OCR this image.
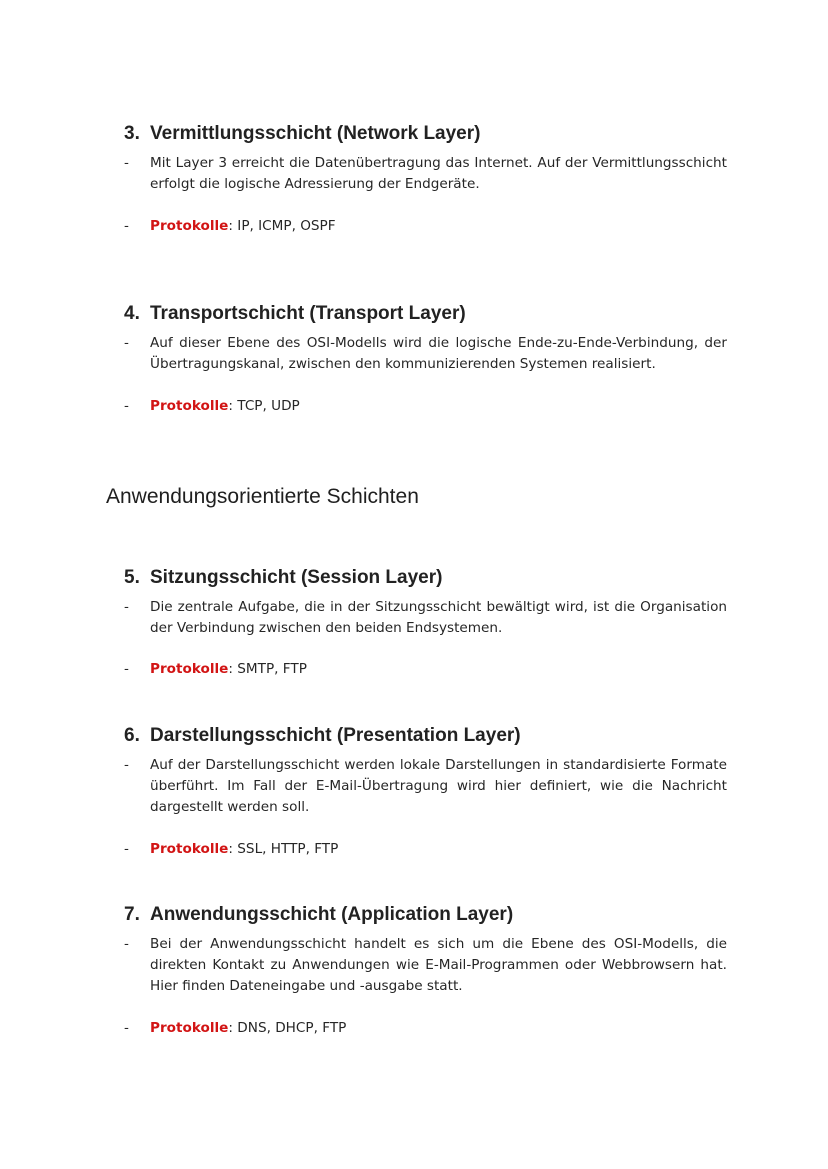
3. Vermittlungsschicht (Network Layer)
- Mit Layer 3 erreicht die Datenübertragung das Internet. Auf der Vermittlungsschicht erfolgt die logische Adressierung der Endgeräte.
- Protokolle: IP, ICMP, OSPF
4. Transportschicht (Transport Layer)
- Auf dieser Ebene des OSI-Modells wird die logische Ende-zu-Ende-Verbindung, der Übertragungskanal, zwischen den kommunizierenden Systemen realisiert.
- Protokolle: TCP, UDP
Anwendungsorientierte Schichten
5. Sitzungsschicht (Session Layer)
- Die zentrale Aufgabe, die in der Sitzungsschicht bewältigt wird, ist die Organisation der Verbindung zwischen den beiden Endsystemen.
- Protokolle: SMTP, FTP
6. Darstellungsschicht (Presentation Layer)
- Auf der Darstellungsschicht werden lokale Darstellungen in standardisierte Formate überführt. Im Fall der E-Mail-Übertragung wird hier definiert, wie die Nachricht dargestellt werden soll.
- Protokolle: SSL, HTTP, FTP
7. Anwendungsschicht (Application Layer)
- Bei der Anwendungsschicht handelt es sich um die Ebene des OSI-Modells, die direkten Kontakt zu Anwendungen wie E-Mail-Programmen oder Webbrowsern hat. Hier finden Dateneingabe und -ausgabe statt.
- Protokolle: DNS, DHCP, FTP
